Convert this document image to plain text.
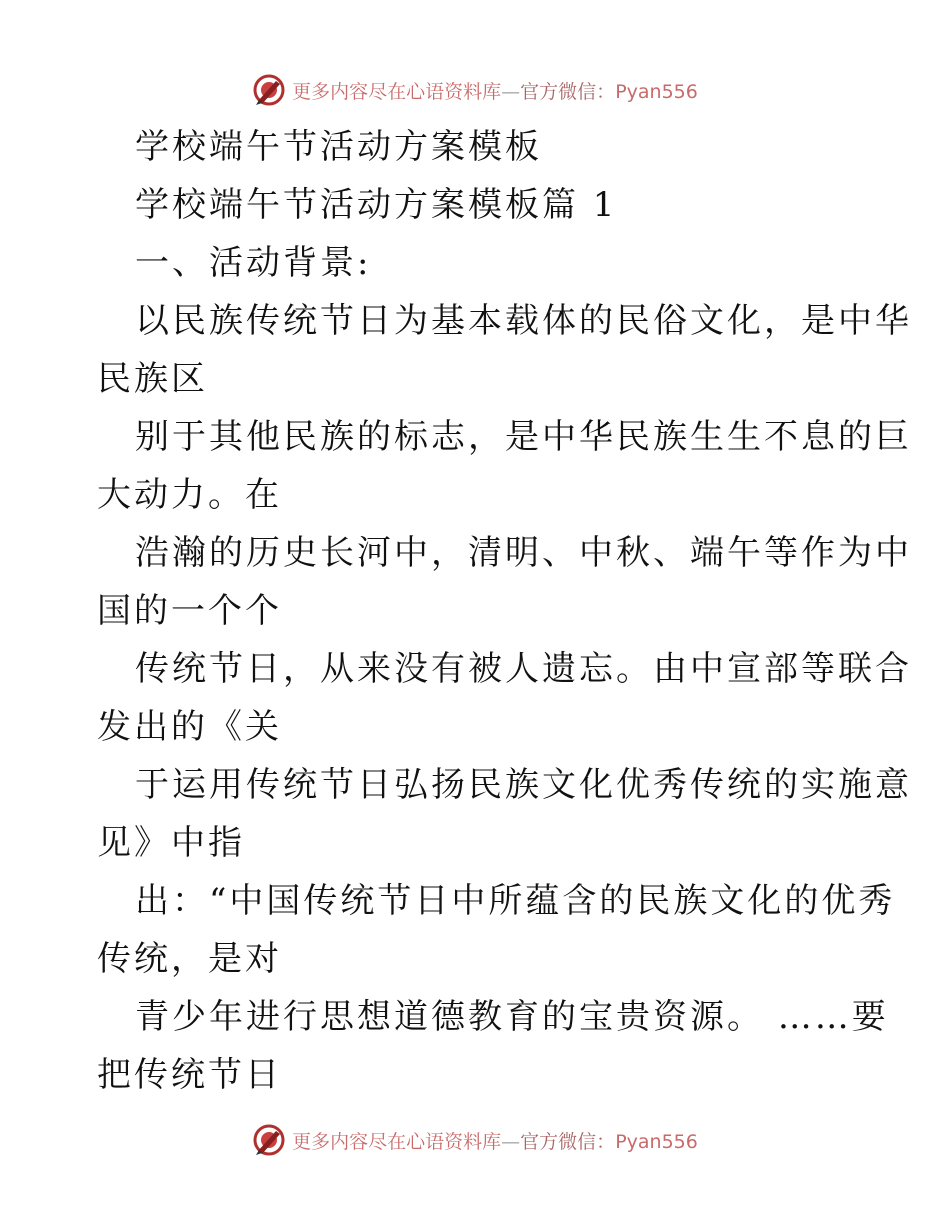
更多内容尽在心语资料库—官方微信：Pyan556
学校端午节活动方案模板
学校端午节活动方案模板篇 1
一、活动背景:
以民族传统节日为基本载体的民俗文化，是中华
民族区
别于其他民族的标志，是中华民族生生不息的巨
大动力。在
浩瀚的历史长河中，清明、中秋、端午等作为中
国的一个个
传统节日，从来没有被人遗忘。由中宣部等联合
发出的《关
于运用传统节日弘扬民族文化优秀传统的实施意
见》中指
出：“中国传统节日中所蕴含的民族文化的优秀
传统，是对
青少年进行思想道德教育的宝贵资源。 ……要
把传统节日
更多内容尽在心语资料库—官方微信：Pyan556
